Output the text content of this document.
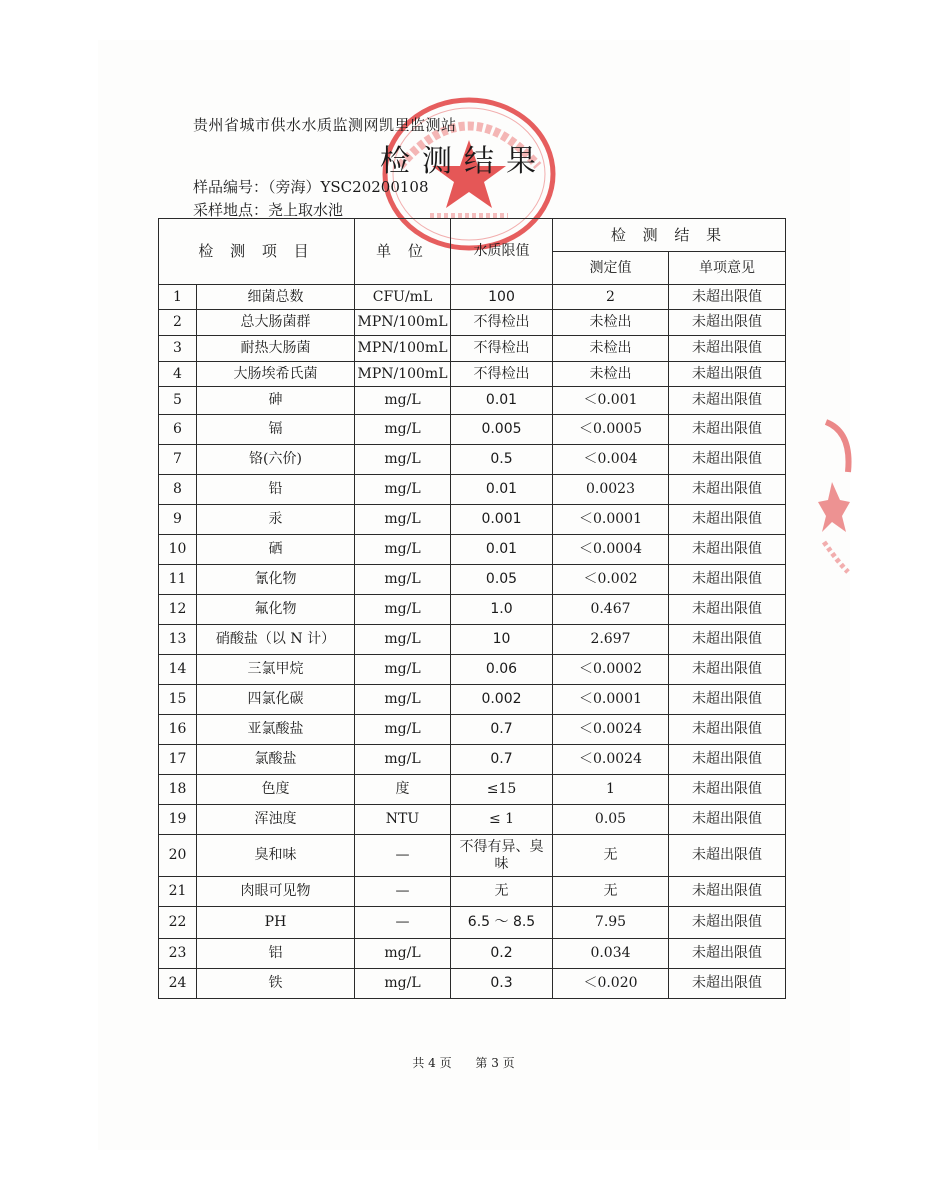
贵州省城市供水水质监测网凯里监测站
检测结果
样品编号：（旁海）YSC20200108
采样地点：尧上取水池
检 测 项 目		单 位	水质限值	检 测 结 果	
				测定值	单项意见
1	细菌总数	CFU/mL	100	2	未超出限值
2	总大肠菌群	MPN/100mL	不得检出	未检出	未超出限值
3	耐热大肠菌	MPN/100mL	不得检出	未检出	未超出限值
4	大肠埃希氏菌	MPN/100mL	不得检出	未检出	未超出限值
5	砷	mg/L	0.01	＜0.001	未超出限值
6	镉	mg/L	0.005	＜0.0005	未超出限值
7	铬(六价)	mg/L	0.5	＜0.004	未超出限值
8	铅	mg/L	0.01	0.0023	未超出限值
9	汞	mg/L	0.001	＜0.0001	未超出限值
10	硒	mg/L	0.01	＜0.0004	未超出限值
11	氰化物	mg/L	0.05	＜0.002	未超出限值
12	氟化物	mg/L	1.0	0.467	未超出限值
13	硝酸盐（以 N 计）	mg/L	10	2.697	未超出限值
14	三氯甲烷	mg/L	0.06	＜0.0002	未超出限值
15	四氯化碳	mg/L	0.002	＜0.0001	未超出限值
16	亚氯酸盐	mg/L	0.7	＜0.0024	未超出限值
17	氯酸盐	mg/L	0.7	＜0.0024	未超出限值
18	色度	度	≤15	1	未超出限值
19	浑浊度	NTU	≤ 1	0.05	未超出限值
20	臭和味	—	不得有异、臭味	无	未超出限值
21	肉眼可见物	—	无	无	未超出限值
22	PH	—	6.5 ～ 8.5	7.95	未超出限值
23	铝	mg/L	0.2	0.034	未超出限值
24	铁	mg/L	0.3	＜0.020	未超出限值
共 4 页 第 3 页
